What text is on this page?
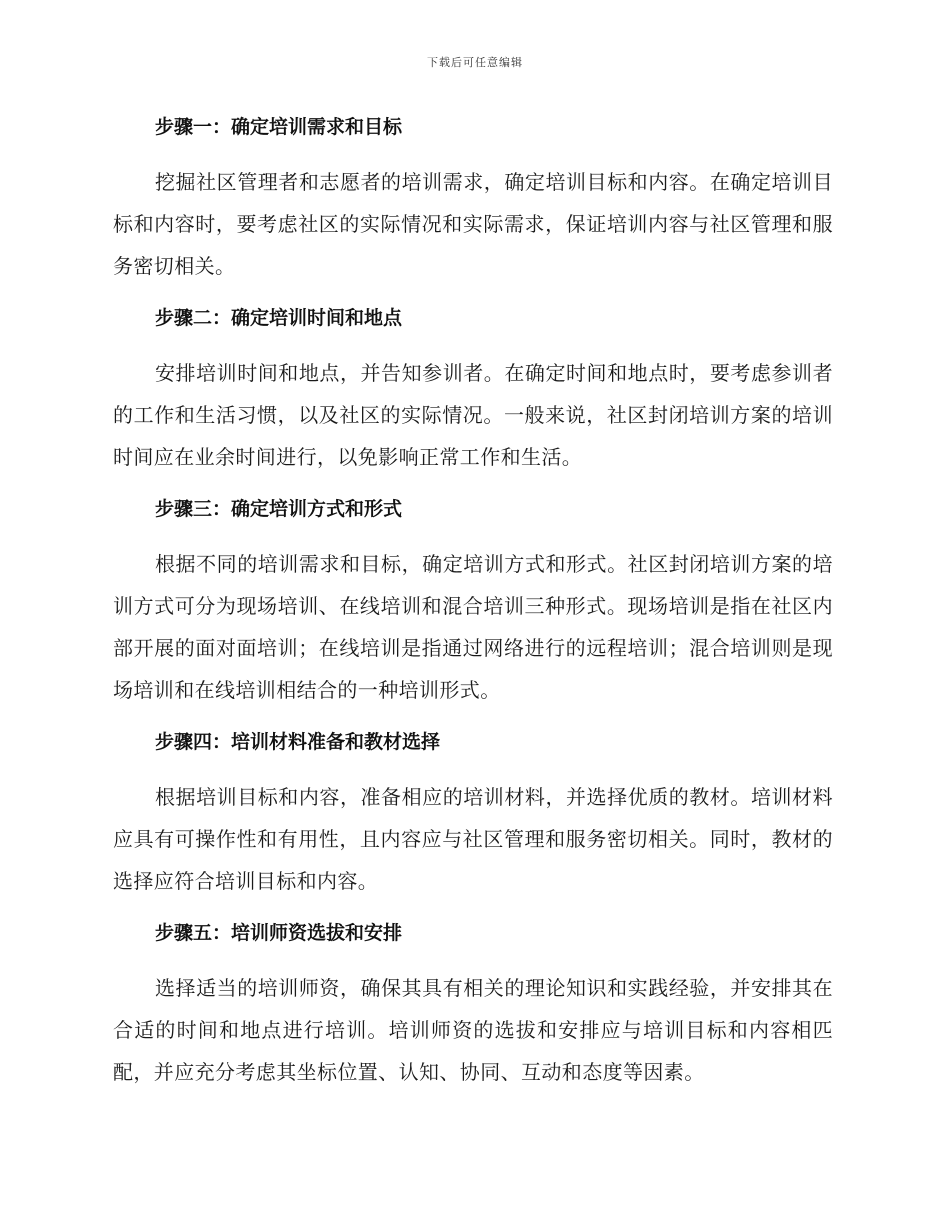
下载后可任意编辑
步骤一：确定培训需求和目标

挖掘社区管理者和志愿者的培训需求，确定培训目标和内容。在确定培训目标和内容时，要考虑社区的实际情况和实际需求，保证培训内容与社区管理和服务密切相关。

步骤二：确定培训时间和地点

安排培训时间和地点，并告知参训者。在确定时间和地点时，要考虑参训者的工作和生活习惯，以及社区的实际情况。一般来说，社区封闭培训方案的培训时间应在业余时间进行，以免影响正常工作和生活。

步骤三：确定培训方式和形式

根据不同的培训需求和目标，确定培训方式和形式。社区封闭培训方案的培训方式可分为现场培训、在线培训和混合培训三种形式。现场培训是指在社区内部开展的面对面培训；在线培训是指通过网络进行的远程培训；混合培训则是现场培训和在线培训相结合的一种培训形式。

步骤四：培训材料准备和教材选择

根据培训目标和内容，准备相应的培训材料，并选择优质的教材。培训材料应具有可操作性和有用性，且内容应与社区管理和服务密切相关。同时，教材的选择应符合培训目标和内容。

步骤五：培训师资选拔和安排

选择适当的培训师资，确保其具有相关的理论知识和实践经验，并安排其在合适的时间和地点进行培训。培训师资的选拔和安排应与培训目标和内容相匹配，并应充分考虑其坐标位置、认知、协同、互动和态度等因素。
